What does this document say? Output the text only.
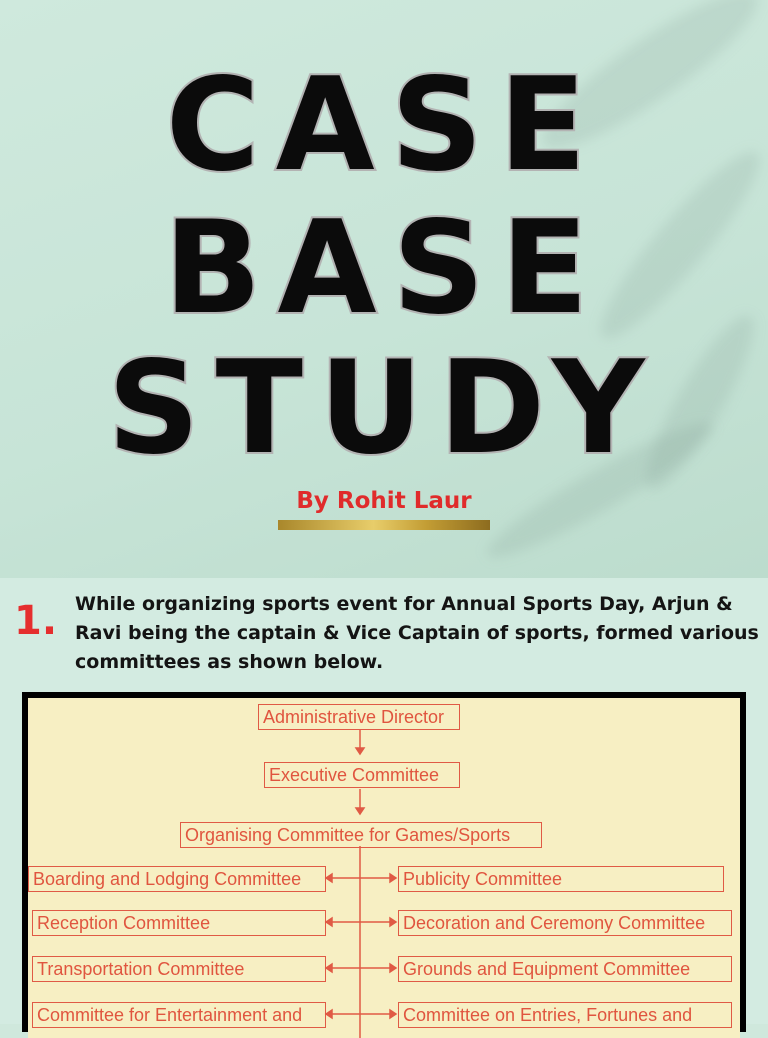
CASE
BASE
STUDY
By Rohit Laur
1. While organizing sports event for Annual Sports Day, Arjun & Ravi being the captain & Vice Captain of sports, formed various committees as shown below.
Administrative Director
Executive Committee
Organising Committee for Games/Sports
Boarding and Lodging Committee
Reception Committee
Transportation Committee
Committee for Entertainment and
Publicity Committee
Decoration and Ceremony Committee
Grounds and Equipment Committee
Committee on Entries, Fortunes and
